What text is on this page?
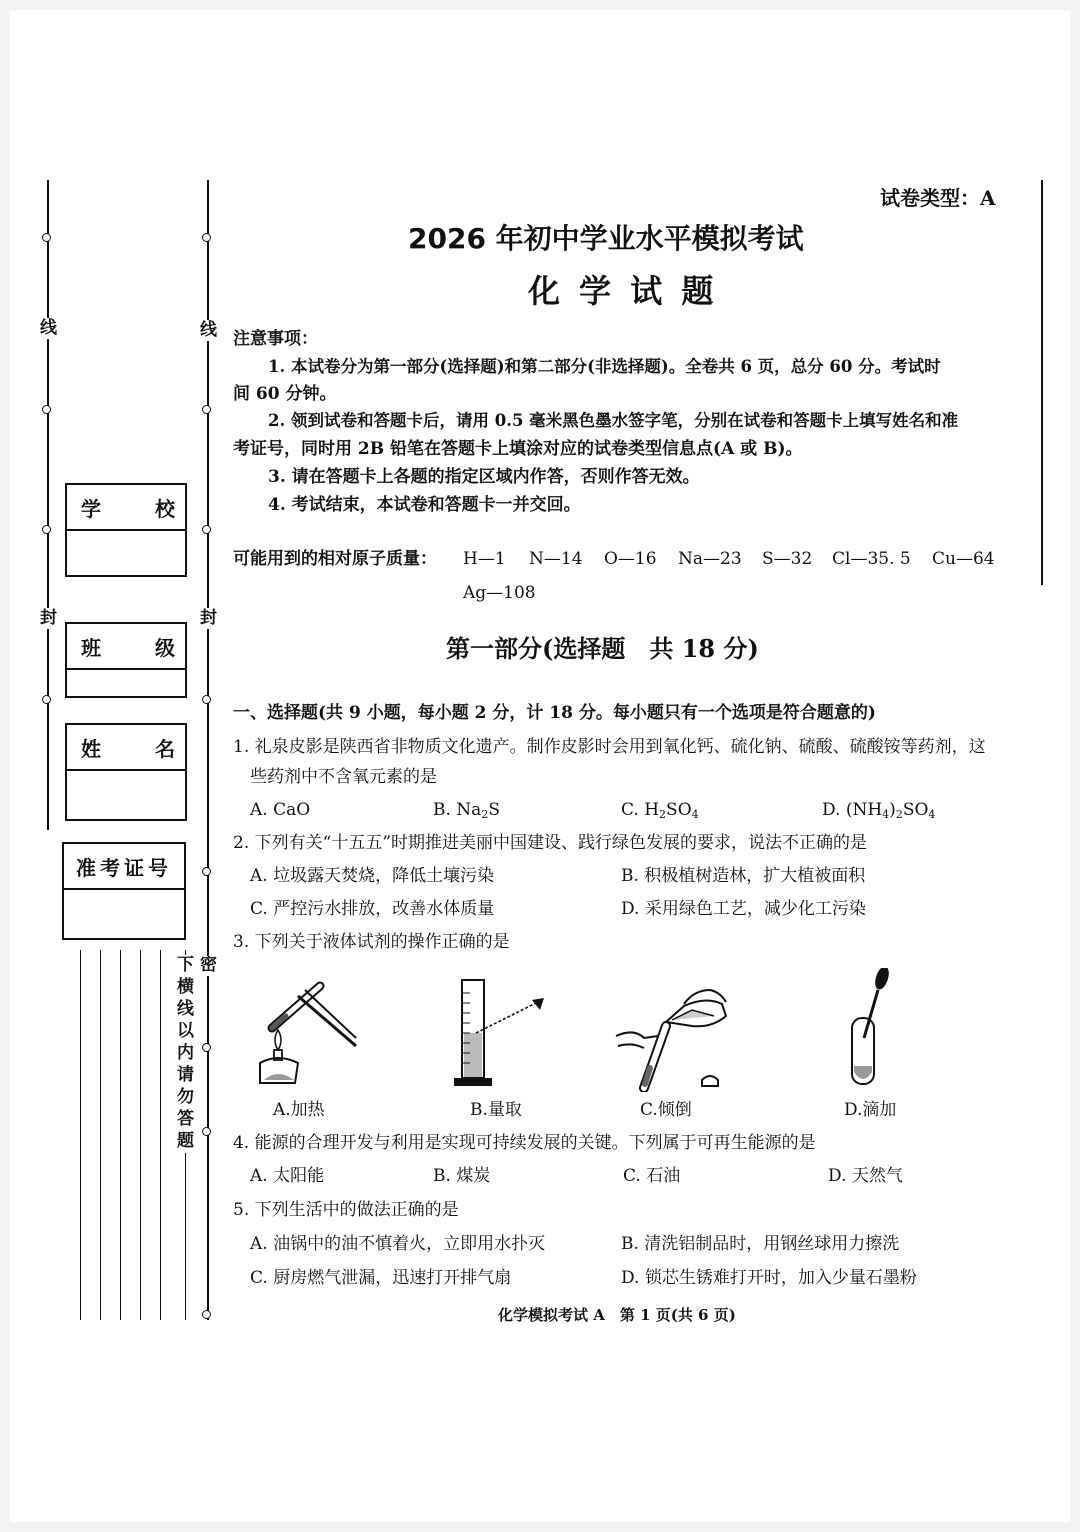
线	线
封	封
密
下横线以内请勿答题
学	校
班	级
姓	名
准考证号
试卷类型：A
2026 年初中学业水平模拟考试
化 学 试 题
注意事项：
1. 本试卷分为第一部分(选择题)和第二部分(非选择题)。全卷共 6 页，总分 60 分。考试时
间 60 分钟。
2. 领到试卷和答题卡后，请用 0.5 毫米黑色墨水签字笔，分别在试卷和答题卡上填写姓名和准
考证号，同时用 2B 铅笔在答题卡上填涂对应的试卷类型信息点(A 或 B)。
3. 请在答题卡上各题的指定区域内作答，否则作答无效。
4. 考试结束，本试卷和答题卡一并交回。
可能用到的相对原子质量： H—1 N—14 O—16 Na—23 S—32 Cl—35. 5 Cu—64
Ag—108
第一部分(选择题　共 18 分)
一、选择题(共 9 小题，每小题 2 分，计 18 分。每小题只有一个选项是符合题意的)
1. 礼泉皮影是陕西省非物质文化遗产。制作皮影时会用到氧化钙、硫化钠、硫酸、硫酸铵等药剂，这
些药剂中不含氧元素的是
A. CaO	B. $Na_2S$	C. $H_2SO_4$	D. $(NH_4)_2SO_4$
2. 下列有关“十五五”时期推进美丽中国建设、践行绿色发展的要求，说法不正确的是
A. 垃圾露天焚烧，降低土壤污染	B. 积极植树造林，扩大植被面积
C. 严控污水排放，改善水体质量	D. 采用绿色工艺，减少化工污染
3. 下列关于液体试剂的操作正确的是
A.加热	B.量取	C.倾倒	D.滴加
4. 能源的合理开发与利用是实现可持续发展的关键。下列属于可再生能源的是
A. 太阳能	B. 煤炭	C. 石油	D. 天然气
5. 下列生活中的做法正确的是
A. 油锅中的油不慎着火，立即用水扑灭	B. 清洗铝制品时，用钢丝球用力擦洗
C. 厨房燃气泄漏，迅速打开排气扇	D. 锁芯生锈难打开时，加入少量石墨粉
化学模拟考试 A　第 1 页(共 6 页)
